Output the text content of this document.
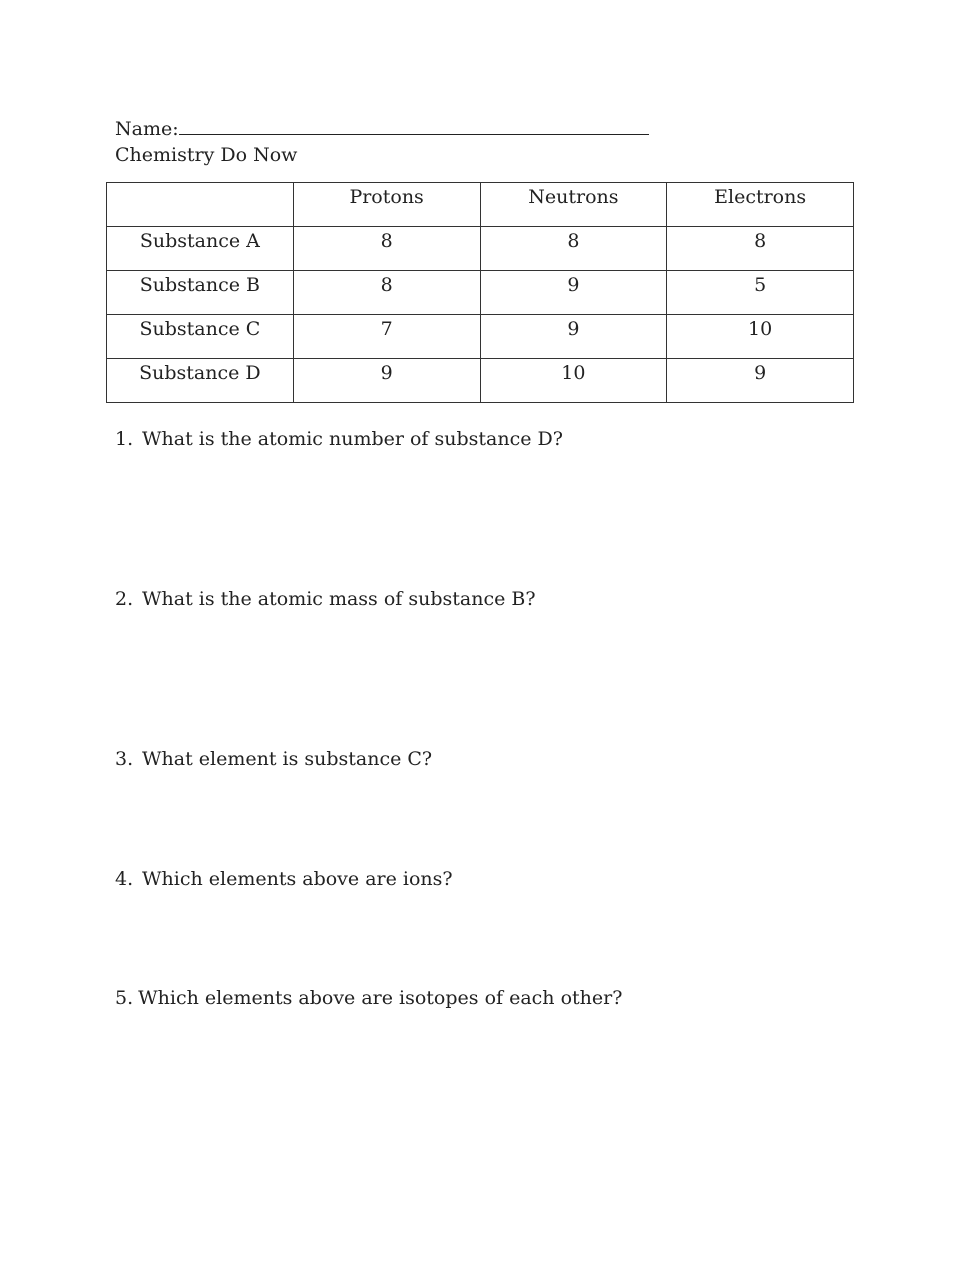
Name:
Chemistry Do Now
	Protons	Neutrons	Electrons
Substance A	8	8	8
Substance B	8	9	5
Substance C	7	9	10
Substance D	9	10	9
1. What is the atomic number of substance D?
2. What is the atomic mass of substance B?
3. What element is substance C?
4. Which elements above are ions?
5. Which elements above are isotopes of each other?
